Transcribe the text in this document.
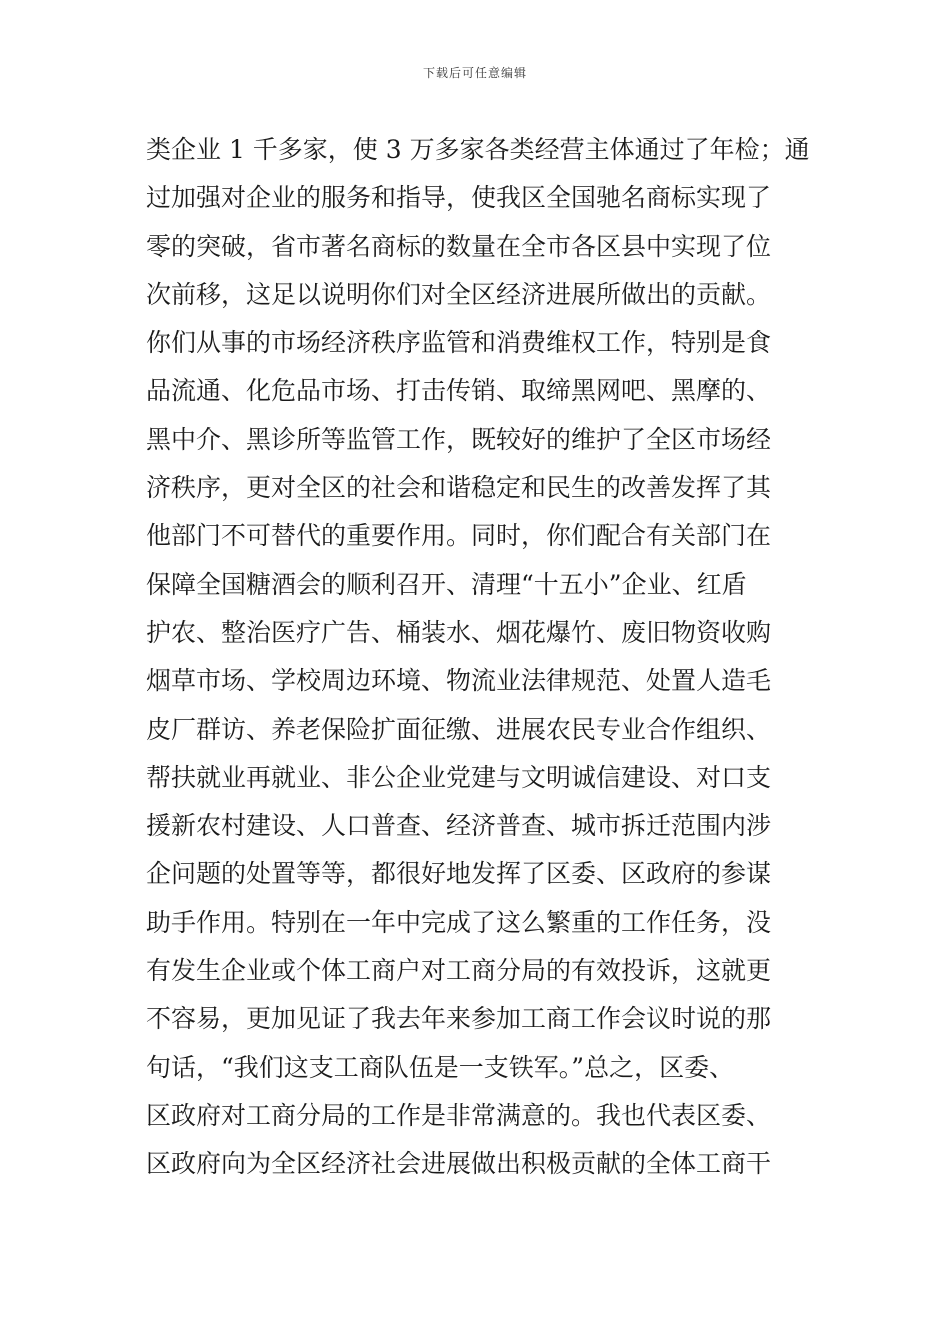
下载后可任意编辑
类企业 1 千多家，使 3 万多家各类经营主体通过了年检；通
过加强对企业的服务和指导，使我区全国驰名商标实现了
零的突破，省市著名商标的数量在全市各区县中实现了位
次前移，这足以说明你们对全区经济进展所做出的贡献。
你们从事的市场经济秩序监管和消费维权工作，特别是食
品流通、化危品市场、打击传销、取缔黑网吧、黑摩的、
黑中介、黑诊所等监管工作，既较好的维护了全区市场经
济秩序，更对全区的社会和谐稳定和民生的改善发挥了其
他部门不可替代的重要作用。同时，你们配合有关部门在
保障全国糖酒会的顺利召开、清理“十五小”企业、红盾
护农、整治医疗广告、桶装水、烟花爆竹、废旧物资收购
烟草市场、学校周边环境、物流业法律规范、处置人造毛
皮厂群访、养老保险扩面征缴、进展农民专业合作组织、
帮扶就业再就业、非公企业党建与文明诚信建设、对口支
援新农村建设、人口普查、经济普查、城市拆迁范围内涉
企问题的处置等等，都很好地发挥了区委、区政府的参谋
助手作用。特别在一年中完成了这么繁重的工作任务，没
有发生企业或个体工商户对工商分局的有效投诉，这就更
不容易，更加见证了我去年来参加工商工作会议时说的那
句话，“我们这支工商队伍是一支铁军。”总之，区委、
区政府对工商分局的工作是非常满意的。我也代表区委、
区政府向为全区经济社会进展做出积极贡献的全体工商干
